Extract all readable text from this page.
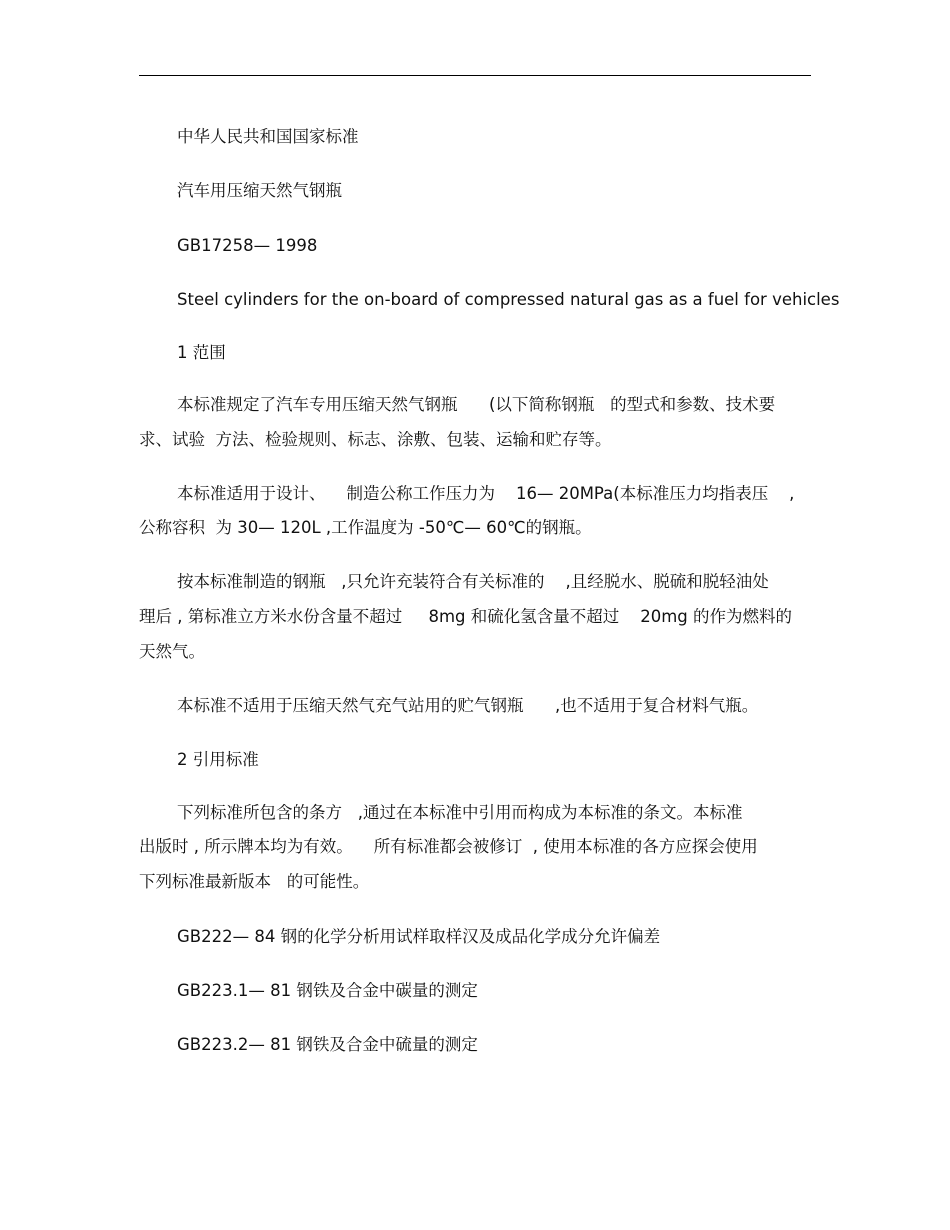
中华人民共和国国家标准
汽车用压缩天然气钢瓶
GB17258— 1998
Steel cylinders for the on-board of compressed natural gas as a fuel for vehicles
1 范围
本标准规定了汽车专用压缩天然气钢瓶      (以下简称钢瓶   的型式和参数、技术要
求、试验  方法、检验规则、标志、涂敷、包装、运输和贮存等。
本标准适用于设计、    制造公称工作压力为    16— 20MPa(本标准压力均指表压    ,
公称容积  为 30— 120L ,工作温度为 -50℃— 60℃的钢瓶。
按本标准制造的钢瓶   ,只允许充装符合有关标准的    ,且经脱水、脱硫和脱轻油处
理后 , 第标准立方米水份含量不超过     8mg 和硫化氢含量不超过    20mg 的作为燃料的
天然气。
本标准不适用于压缩天然气充气站用的贮气钢瓶      ,也不适用于复合材料气瓶。
2 引用标准
下列标准所包含的条方   ,通过在本标准中引用而构成为本标准的条文。本标准
出版时 , 所示牌本均为有效。    所有标准都会被修订  , 使用本标准的各方应探会使用
下列标准最新版本   的可能性。
GB222— 84 钢的化学分析用试样取样汉及成品化学成分允许偏差
GB223.1— 81 钢铁及合金中碳量的测定
GB223.2— 81 钢铁及合金中硫量的测定
